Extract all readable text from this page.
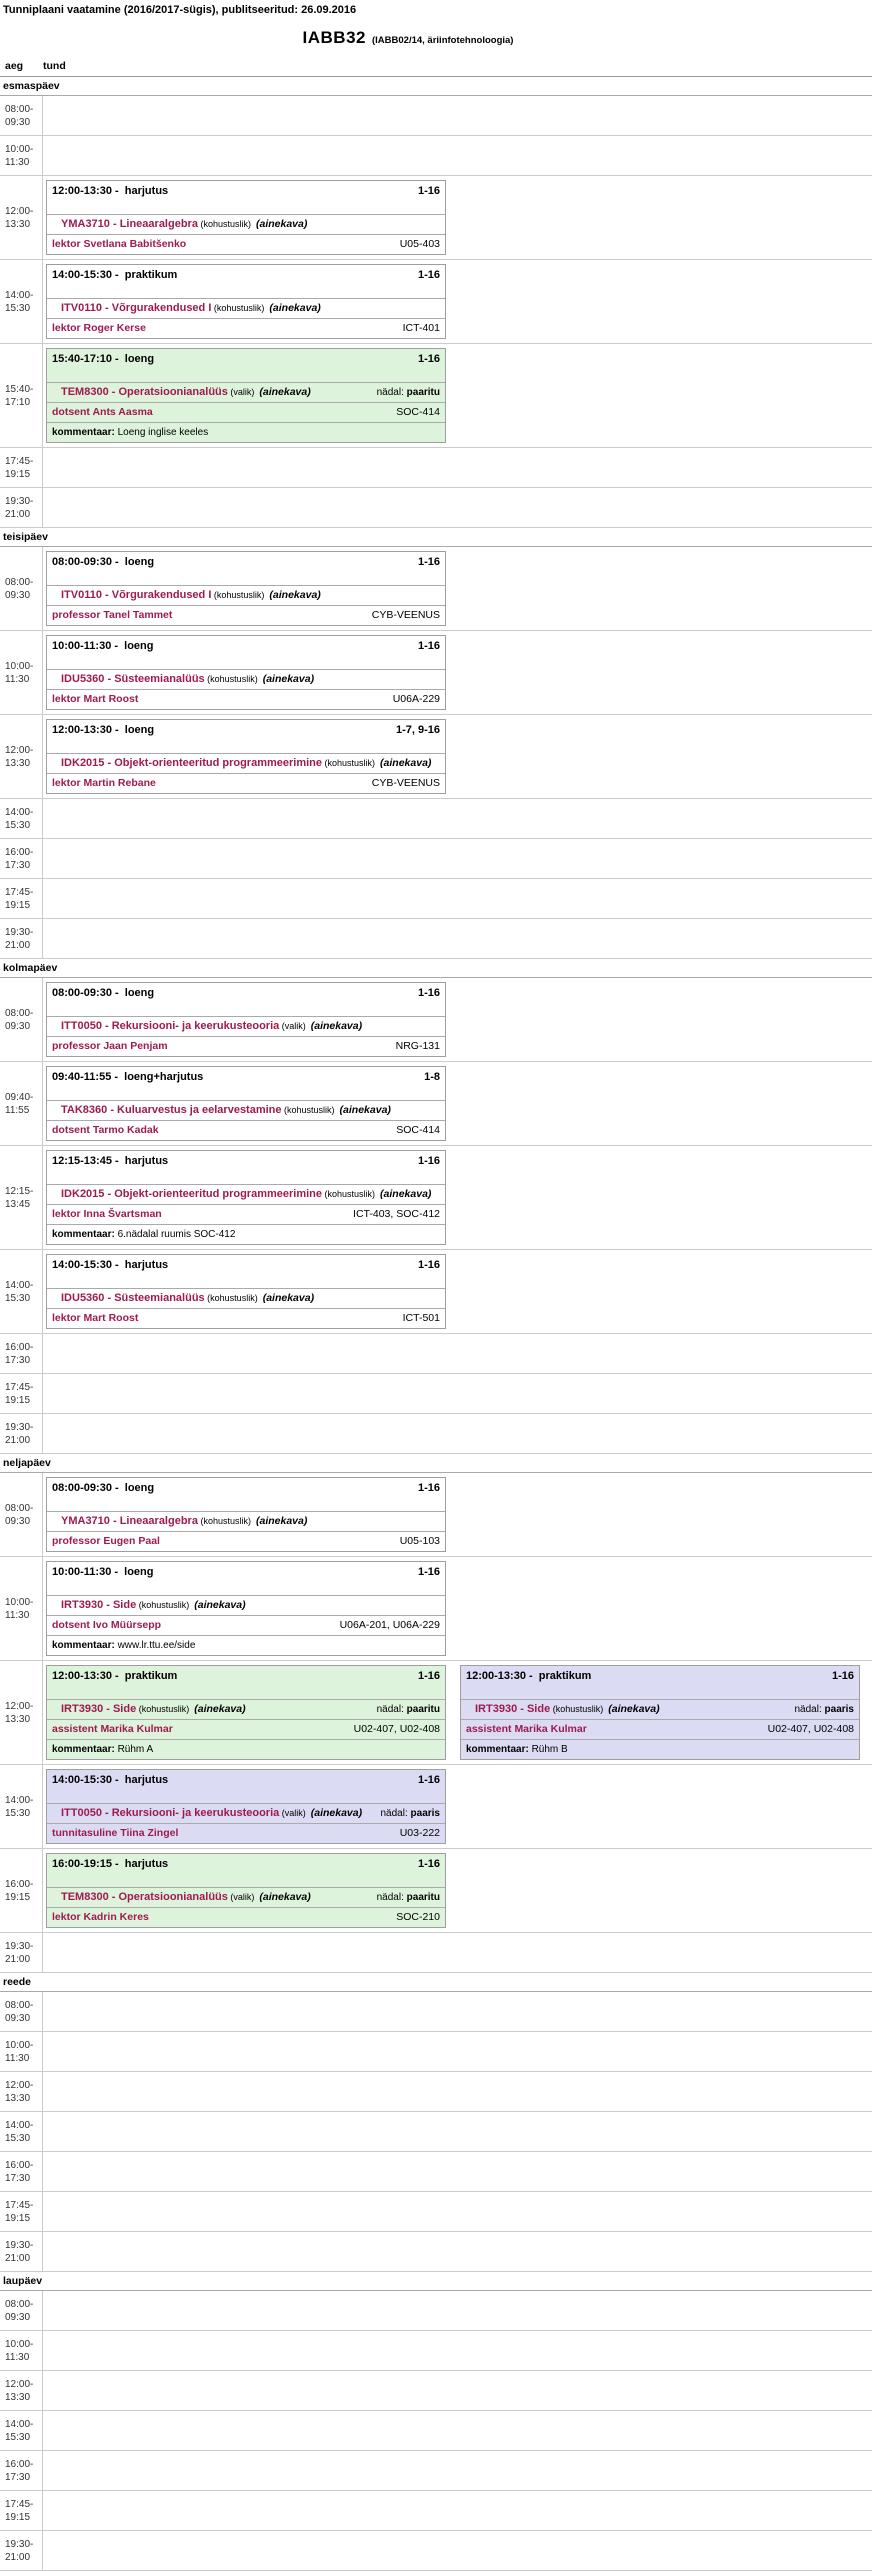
Tunniplaani vaatamine (2016/2017-sügis), publitseeritud: 26.09.2016
IABB32 (IABB02/14, äriinfotehnoloogia)
aeg	tund
esmaspäev
08:00-
09:30
10:00-
11:30
12:00-
13:30
12:00-13:30 -  harjutus	1-16
YMA3710 - Lineaaralgebra (kohustuslik)  (ainekava)
lektor Svetlana Babitšenko	U05-403
14:00-
15:30
14:00-15:30 -  praktikum	1-16
ITV0110 - Võrgurakendused I (kohustuslik)  (ainekava)
lektor Roger Kerse	ICT-401
15:40-
17:10
15:40-17:10 -  loeng	1-16
TEM8300 - Operatsioonianalüüs (valik)  (ainekava)	nädal: paaritu
dotsent Ants Aasma	SOC-414
kommentaar: Loeng inglise keeles
17:45-
19:15
19:30-
21:00
teisipäev
08:00-
09:30
08:00-09:30 -  loeng	1-16
ITV0110 - Võrgurakendused I (kohustuslik)  (ainekava)
professor Tanel Tammet	CYB-VEENUS
10:00-
11:30
10:00-11:30 -  loeng	1-16
IDU5360 - Süsteemianalüüs (kohustuslik)  (ainekava)
lektor Mart Roost	U06A-229
12:00-
13:30
12:00-13:30 -  loeng	1-7, 9-16
IDK2015 - Objekt-orienteeritud programmeerimine (kohustuslik)  (ainekava)
lektor Martin Rebane	CYB-VEENUS
14:00-
15:30
16:00-
17:30
17:45-
19:15
19:30-
21:00
kolmapäev
08:00-
09:30
08:00-09:30 -  loeng	1-16
ITT0050 - Rekursiooni- ja keerukusteooria (valik)  (ainekava)
professor Jaan Penjam	NRG-131
09:40-
11:55
09:40-11:55 -  loeng+harjutus	1-8
TAK8360 - Kuluarvestus ja eelarvestamine (kohustuslik)  (ainekava)
dotsent Tarmo Kadak	SOC-414
12:15-
13:45
12:15-13:45 -  harjutus	1-16
IDK2015 - Objekt-orienteeritud programmeerimine (kohustuslik)  (ainekava)
lektor Inna Švartsman	ICT-403, SOC-412
kommentaar: 6.nädalal ruumis SOC-412
14:00-
15:30
14:00-15:30 -  harjutus	1-16
IDU5360 - Süsteemianalüüs (kohustuslik)  (ainekava)
lektor Mart Roost	ICT-501
16:00-
17:30
17:45-
19:15
19:30-
21:00
neljapäev
08:00-
09:30
08:00-09:30 -  loeng	1-16
YMA3710 - Lineaaralgebra (kohustuslik)  (ainekava)
professor Eugen Paal	U05-103
10:00-
11:30
10:00-11:30 -  loeng	1-16
IRT3930 - Side (kohustuslik)  (ainekava)
dotsent Ivo Müürsepp	U06A-201, U06A-229
kommentaar: www.lr.ttu.ee/side
12:00-
13:30
12:00-13:30 -  praktikum	1-16
IRT3930 - Side (kohustuslik)  (ainekava)	nädal: paaritu
assistent Marika Kulmar	U02-407, U02-408
kommentaar: Rühm A
12:00-13:30 -  praktikum	1-16
IRT3930 - Side (kohustuslik)  (ainekava)	nädal: paaris
assistent Marika Kulmar	U02-407, U02-408
kommentaar: Rühm B
14:00-
15:30
14:00-15:30 -  harjutus	1-16
ITT0050 - Rekursiooni- ja keerukusteooria (valik)  (ainekava)	nädal: paaris
tunnitasuline Tiina Zingel	U03-222
16:00-
19:15
16:00-19:15 -  harjutus	1-16
TEM8300 - Operatsioonianalüüs (valik)  (ainekava)	nädal: paaritu
lektor Kadrin Keres	SOC-210
19:30-
21:00
reede
08:00-
09:30
10:00-
11:30
12:00-
13:30
14:00-
15:30
16:00-
17:30
17:45-
19:15
19:30-
21:00
laupäev
08:00-
09:30
10:00-
11:30
12:00-
13:30
14:00-
15:30
16:00-
17:30
17:45-
19:15
19:30-
21:00
